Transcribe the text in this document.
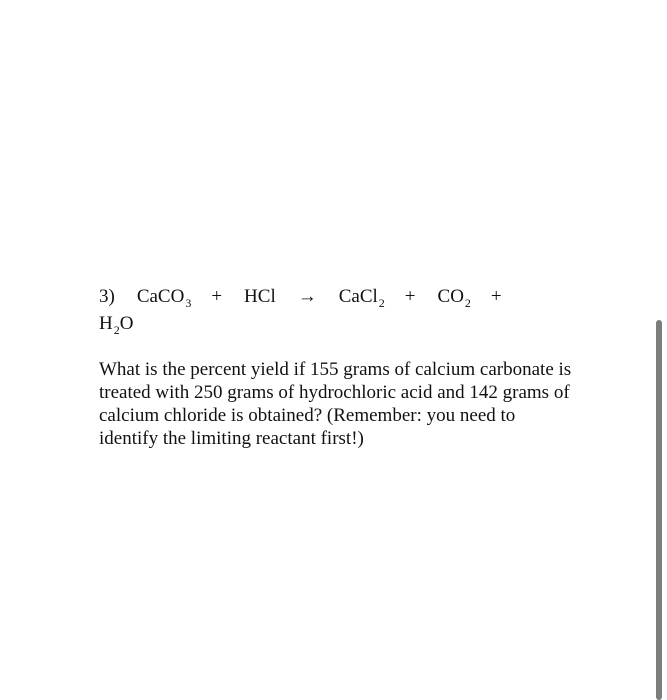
3) CaCO$_3$ + HCl → CaCl$_2$ + $CO_2$ +
$H_2O$
What is the percent yield if 155 grams of calcium carbonate is treated with 250 grams of hydrochloric acid and 142 grams of calcium chloride is obtained? (Remember: you need to identify the limiting reactant first!)
